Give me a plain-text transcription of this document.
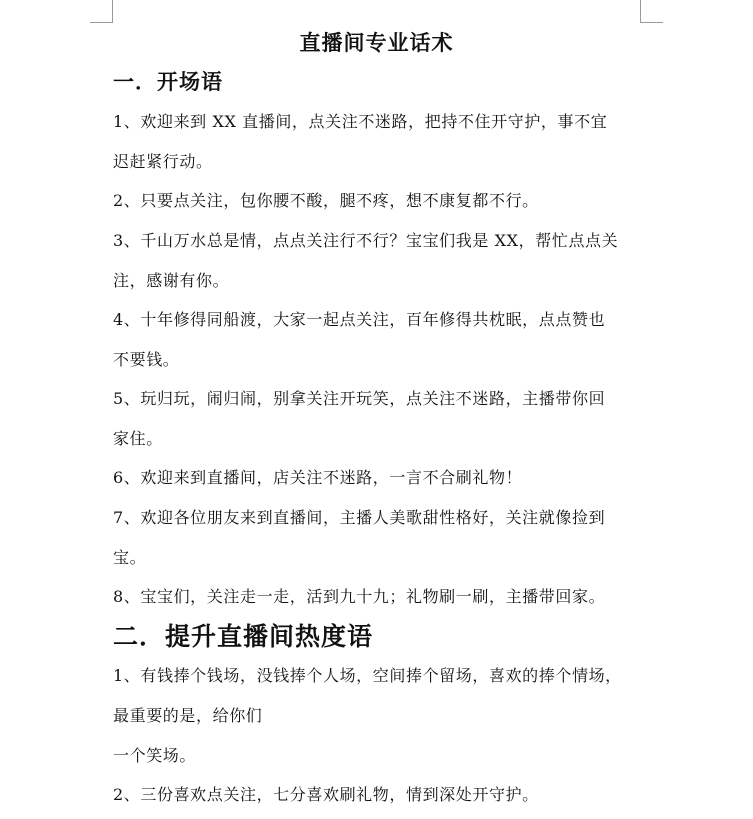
直播间专业话术
一．开场语
1、欢迎来到 XX 直播间，点关注不迷路，把持不住开守护，事不宜
迟赶紧行动。
2、只要点关注，包你腰不酸，腿不疼，想不康复都不行。
3、千山万水总是情，点点关注行不行？宝宝们我是 XX，帮忙点点关
注，感谢有你。
4、十年修得同船渡，大家一起点关注，百年修得共枕眠，点点赞也
不要钱。
5、玩归玩，闹归闹，别拿关注开玩笑，点关注不迷路，主播带你回
家住。
6、欢迎来到直播间，店关注不迷路，一言不合刷礼物！
7、欢迎各位朋友来到直播间，主播人美歌甜性格好，关注就像捡到
宝。
8、宝宝们，关注走一走，活到九十九；礼物刷一刷，主播带回家。
二．提升直播间热度语
1、有钱捧个钱场，没钱捧个人场，空间捧个留场，喜欢的捧个情场，
最重要的是，给你们
一个笑场。
2、三份喜欢点关注，七分喜欢刷礼物，情到深处开守护。
